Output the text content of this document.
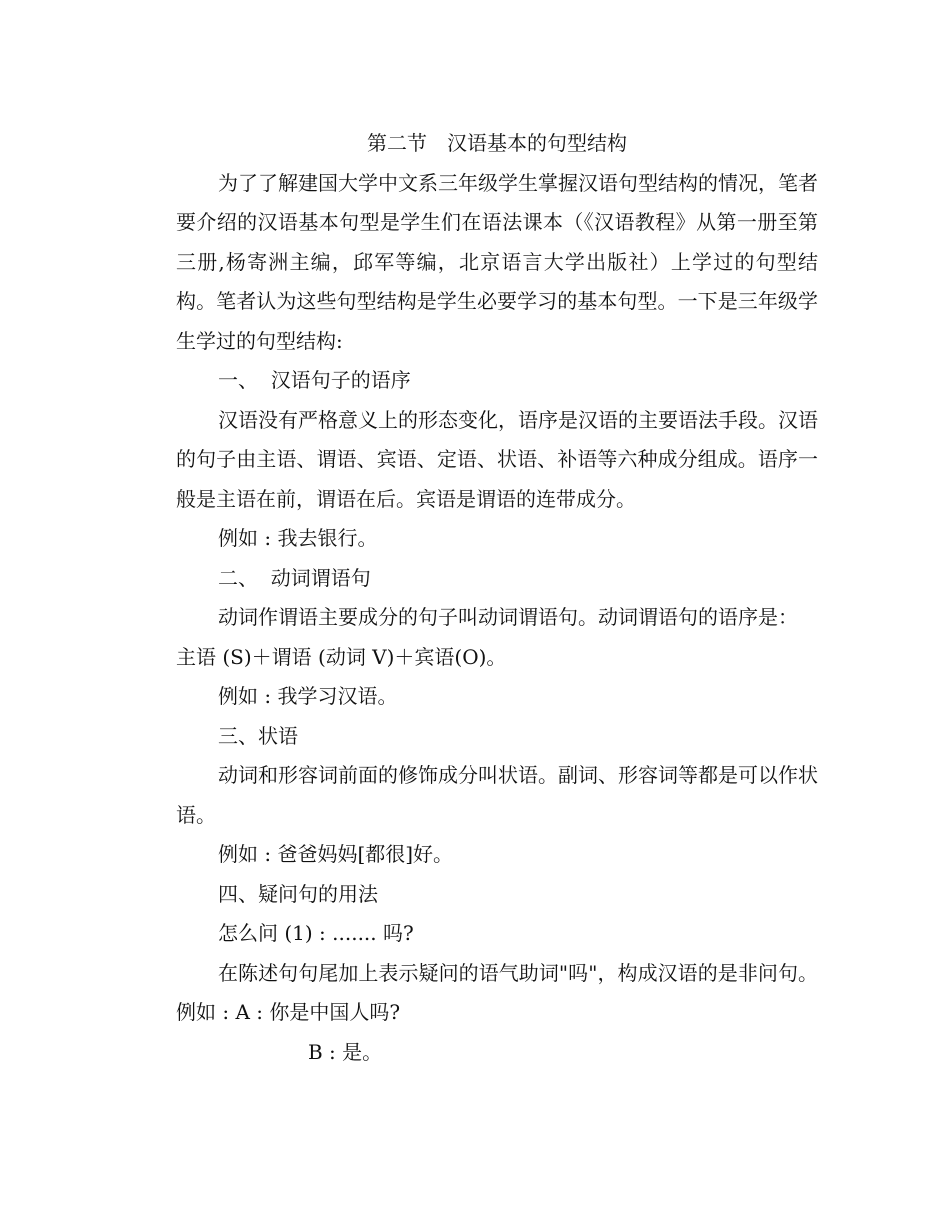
第二节　汉语基本的句型结构

为了了解建国大学中文系三年级学生掌握汉语句型结构的情况，笔者要介绍的汉语基本句型是学生们在语法课本（《汉语教程》从第一册至第三册,杨寄洲主编，邱军等编，北京语言大学出版社）上学过的句型结构。笔者认为这些句型结构是学生必要学习的基本句型。一下是三年级学生学过的句型结构:

一、  汉语句子的语序

汉语没有严格意义上的形态变化，语序是汉语的主要语法手段。汉语的句子由主语、谓语、宾语、定语、状语、补语等六种成分组成。语序一般是主语在前，谓语在后。宾语是谓语的连带成分。

例如 : 我去银行。

二、  动词谓语句

动词作谓语主要成分的句子叫动词谓语句。动词谓语句的语序是：

主语 (S)＋谓语 (动词 V)＋宾语(O)。

例如 : 我学习汉语。

三、状语

动词和形容词前面的修饰成分叫状语。副词、形容词等都是可以作状语。

例如 : 爸爸妈妈[都很]好。

四、疑问句的用法

怎么问 (1) : ....... 吗?

在陈述句句尾加上表示疑问的语气助词"吗"，构成汉语的是非问句。例如 : A : 你是中国人吗?

B : 是。
